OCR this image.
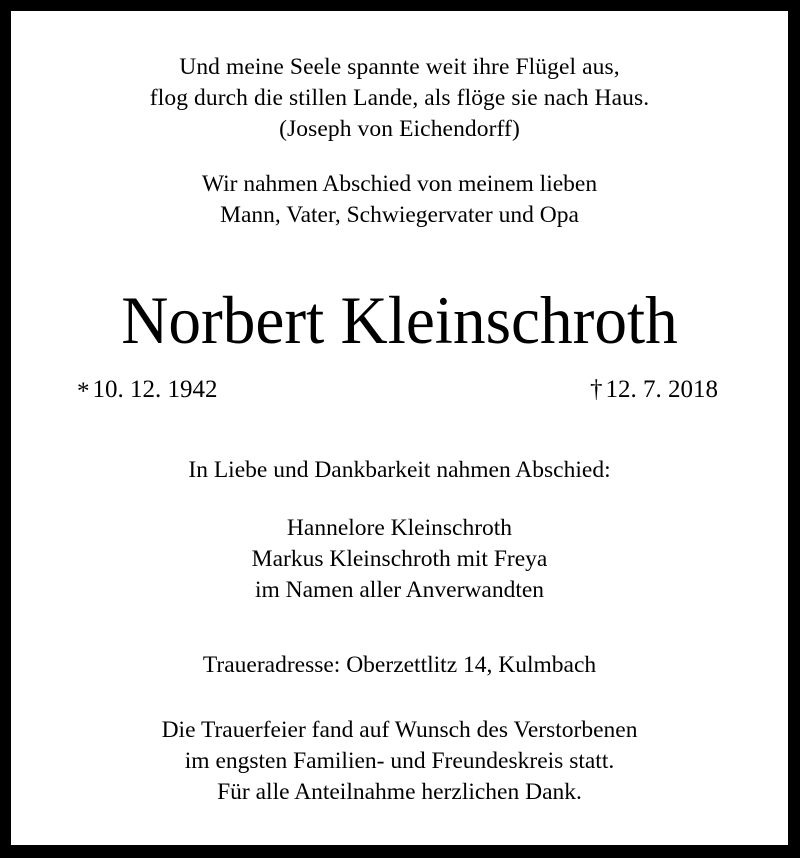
Und meine Seele spannte weit ihre Flügel aus,
flog durch die stillen Lande, als flöge sie nach Haus.
(Joseph von Eichendorff)
Wir nahmen Abschied von meinem lieben
Mann, Vater, Schwiegervater und Opa
Norbert Kleinschroth
* 10. 12. 1942	† 12. 7. 2018
In Liebe und Dankbarkeit nahmen Abschied:
Hannelore Kleinschroth
Markus Kleinschroth mit Freya
im Namen aller Anverwandten
Traueradresse: Oberzettlitz 14, Kulmbach
Die Trauerfeier fand auf Wunsch des Verstorbenen
im engsten Familien- und Freundeskreis statt.
Für alle Anteilnahme herzlichen Dank.
